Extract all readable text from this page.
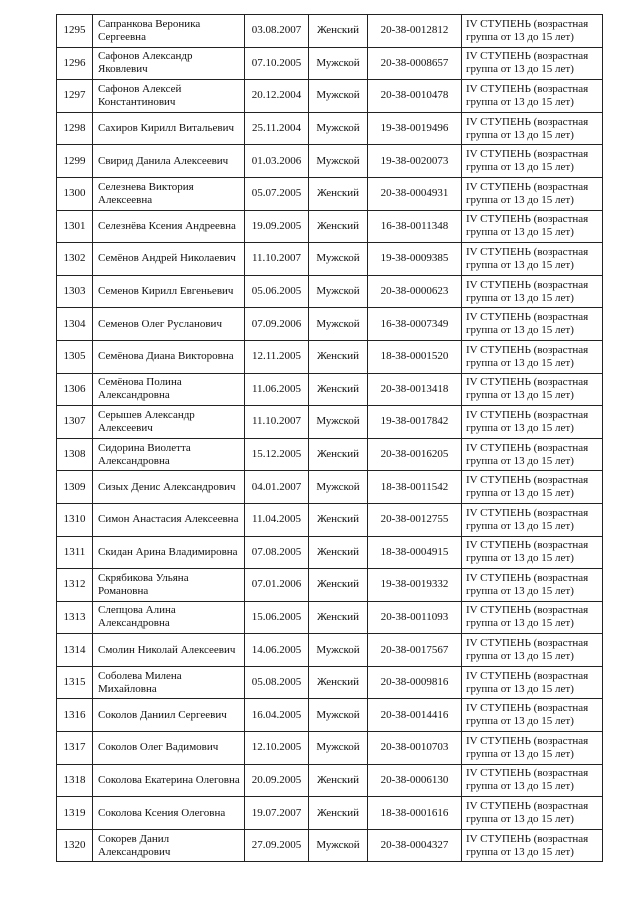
1295	Сапранкова Вероника Сергеевна	03.08.2007	Женский	20-38-0012812	IV СТУПЕНЬ (возрастная группа от 13 до 15 лет)
1296	Сафонов Александр Яковлевич	07.10.2005	Мужской	20-38-0008657	IV СТУПЕНЬ (возрастная группа от 13 до 15 лет)
1297	Сафонов Алексей Константинович	20.12.2004	Мужской	20-38-0010478	IV СТУПЕНЬ (возрастная группа от 13 до 15 лет)
1298	Сахиров Кирилл Витальевич	25.11.2004	Мужской	19-38-0019496	IV СТУПЕНЬ (возрастная группа от 13 до 15 лет)
1299	Свирид Данила Алексеевич	01.03.2006	Мужской	19-38-0020073	IV СТУПЕНЬ (возрастная группа от 13 до 15 лет)
1300	Селезнева Виктория Алексеевна	05.07.2005	Женский	20-38-0004931	IV СТУПЕНЬ (возрастная группа от 13 до 15 лет)
1301	Селезнёва Ксения Андреевна	19.09.2005	Женский	16-38-0011348	IV СТУПЕНЬ (возрастная группа от 13 до 15 лет)
1302	Семёнов Андрей Николаевич	11.10.2007	Мужской	19-38-0009385	IV СТУПЕНЬ (возрастная группа от 13 до 15 лет)
1303	Семенов Кирилл Евгеньевич	05.06.2005	Мужской	20-38-0000623	IV СТУПЕНЬ (возрастная группа от 13 до 15 лет)
1304	Семенов Олег Русланович	07.09.2006	Мужской	16-38-0007349	IV СТУПЕНЬ (возрастная группа от 13 до 15 лет)
1305	Семёнова Диана Викторовна	12.11.2005	Женский	18-38-0001520	IV СТУПЕНЬ (возрастная группа от 13 до 15 лет)
1306	Семёнова Полина Александровна	11.06.2005	Женский	20-38-0013418	IV СТУПЕНЬ (возрастная группа от 13 до 15 лет)
1307	Серышев Александр Алексеевич	11.10.2007	Мужской	19-38-0017842	IV СТУПЕНЬ (возрастная группа от 13 до 15 лет)
1308	Сидорина Виолетта Александровна	15.12.2005	Женский	20-38-0016205	IV СТУПЕНЬ (возрастная группа от 13 до 15 лет)
1309	Сизых Денис Александрович	04.01.2007	Мужской	18-38-0011542	IV СТУПЕНЬ (возрастная группа от 13 до 15 лет)
1310	Симон Анастасия Алексеевна	11.04.2005	Женский	20-38-0012755	IV СТУПЕНЬ (возрастная группа от 13 до 15 лет)
1311	Скидан Арина Владимировна	07.08.2005	Женский	18-38-0004915	IV СТУПЕНЬ (возрастная группа от 13 до 15 лет)
1312	Скрябикова Ульяна Романовна	07.01.2006	Женский	19-38-0019332	IV СТУПЕНЬ (возрастная группа от 13 до 15 лет)
1313	Слепцова Алина Александровна	15.06.2005	Женский	20-38-0011093	IV СТУПЕНЬ (возрастная группа от 13 до 15 лет)
1314	Смолин Николай Алексеевич	14.06.2005	Мужской	20-38-0017567	IV СТУПЕНЬ (возрастная группа от 13 до 15 лет)
1315	Соболева Милена Михайловна	05.08.2005	Женский	20-38-0009816	IV СТУПЕНЬ (возрастная группа от 13 до 15 лет)
1316	Соколов Даниил Сергеевич	16.04.2005	Мужской	20-38-0014416	IV СТУПЕНЬ (возрастная группа от 13 до 15 лет)
1317	Соколов Олег Вадимович	12.10.2005	Мужской	20-38-0010703	IV СТУПЕНЬ (возрастная группа от 13 до 15 лет)
1318	Соколова Екатерина Олеговна	20.09.2005	Женский	20-38-0006130	IV СТУПЕНЬ (возрастная группа от 13 до 15 лет)
1319	Соколова Ксения Олеговна	19.07.2007	Женский	18-38-0001616	IV СТУПЕНЬ (возрастная группа от 13 до 15 лет)
1320	Сокорев Данил Александрович	27.09.2005	Мужской	20-38-0004327	IV СТУПЕНЬ (возрастная группа от 13 до 15 лет)
